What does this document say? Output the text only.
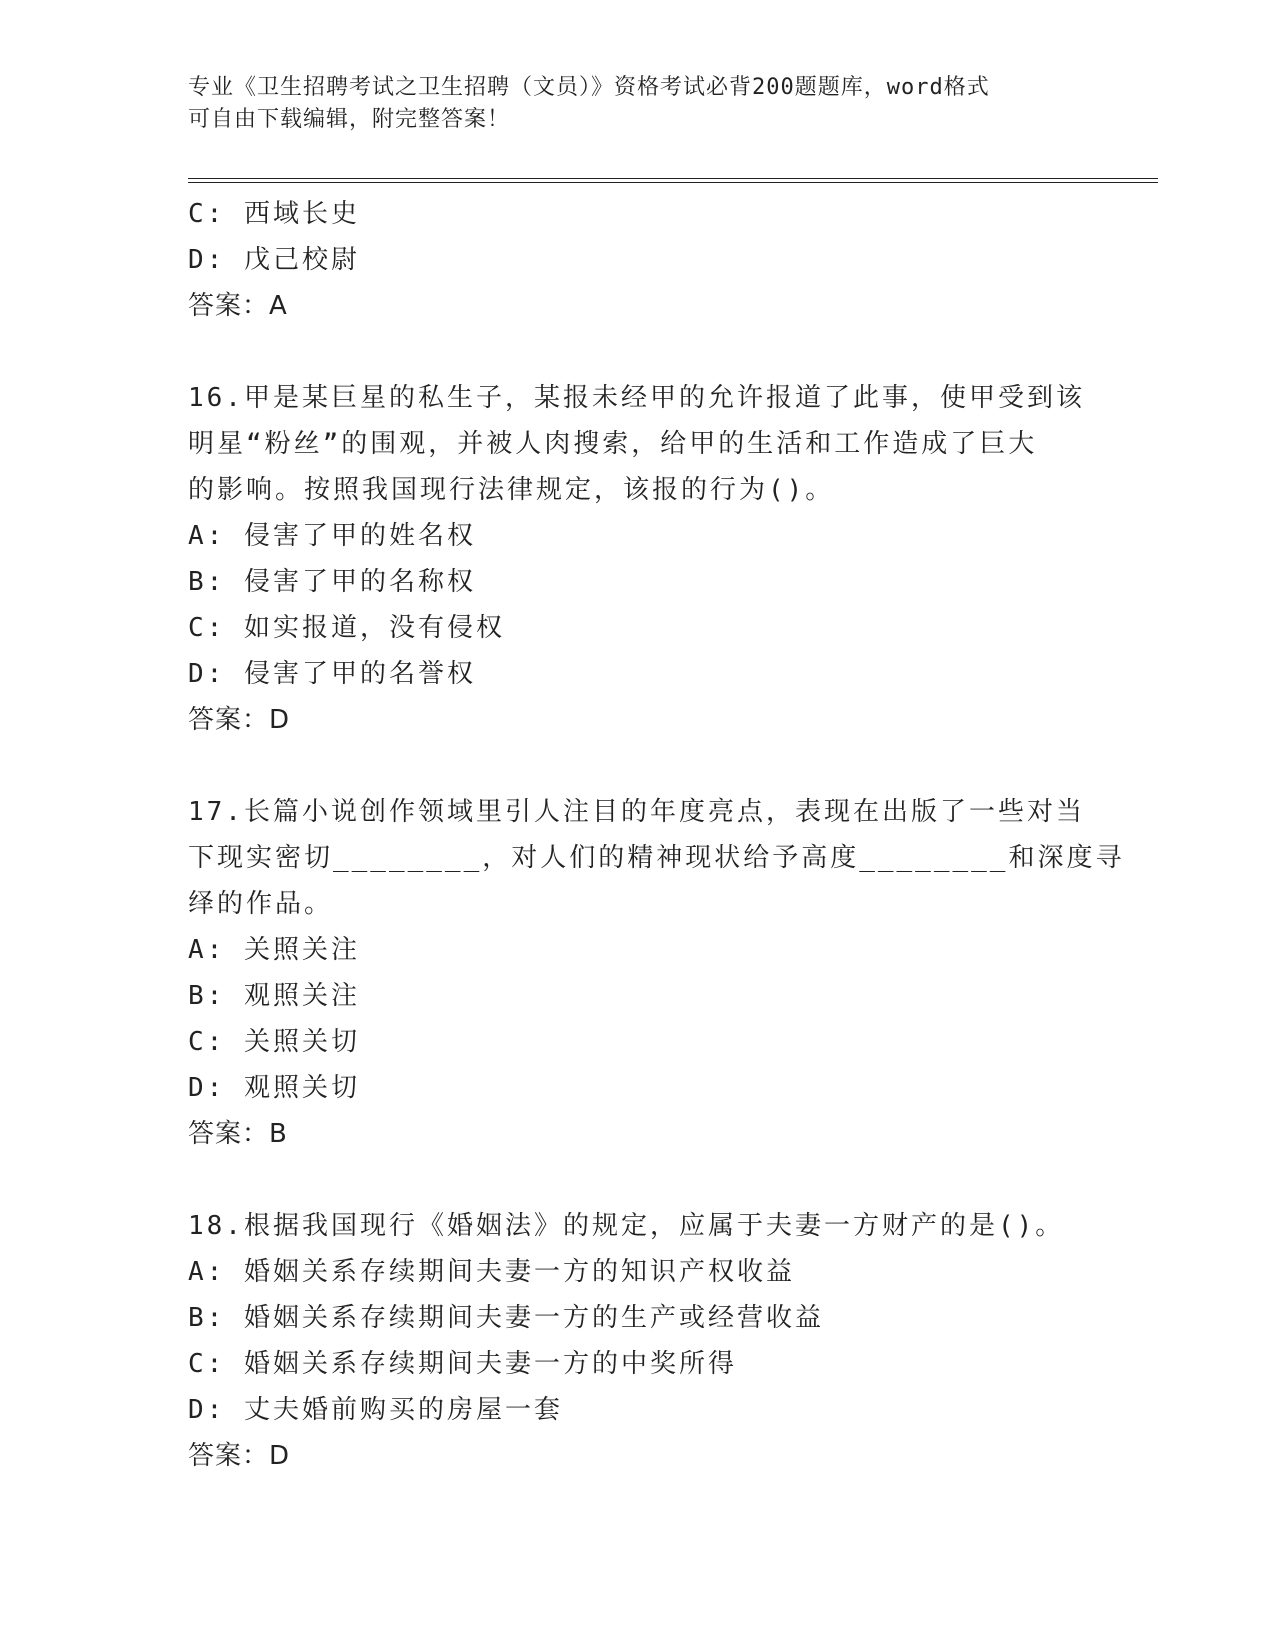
专业《卫生招聘考试之卫生招聘（文员）》资格考试必背200题题库，word格式
可自由下载编辑，附完整答案！
C: 西域长史
D: 戊己校尉
答案：A
16.甲是某巨星的私生子，某报未经甲的允许报道了此事，使甲受到该
明星“粉丝”的围观，并被人肉搜索，给甲的生活和工作造成了巨大
的影响。按照我国现行法律规定，该报的行为()。
A: 侵害了甲的姓名权
B: 侵害了甲的名称权
C: 如实报道，没有侵权
D: 侵害了甲的名誉权
答案：D
17.长篇小说创作领域里引人注目的年度亮点，表现在出版了一些对当
下现实密切________，对人们的精神现状给予高度________和深度寻
绎的作品。
A: 关照关注
B: 观照关注
C: 关照关切
D: 观照关切
答案：B
18.根据我国现行《婚姻法》的规定，应属于夫妻一方财产的是()。
A: 婚姻关系存续期间夫妻一方的知识产权收益
B: 婚姻关系存续期间夫妻一方的生产或经营收益
C: 婚姻关系存续期间夫妻一方的中奖所得
D: 丈夫婚前购买的房屋一套
答案：D
